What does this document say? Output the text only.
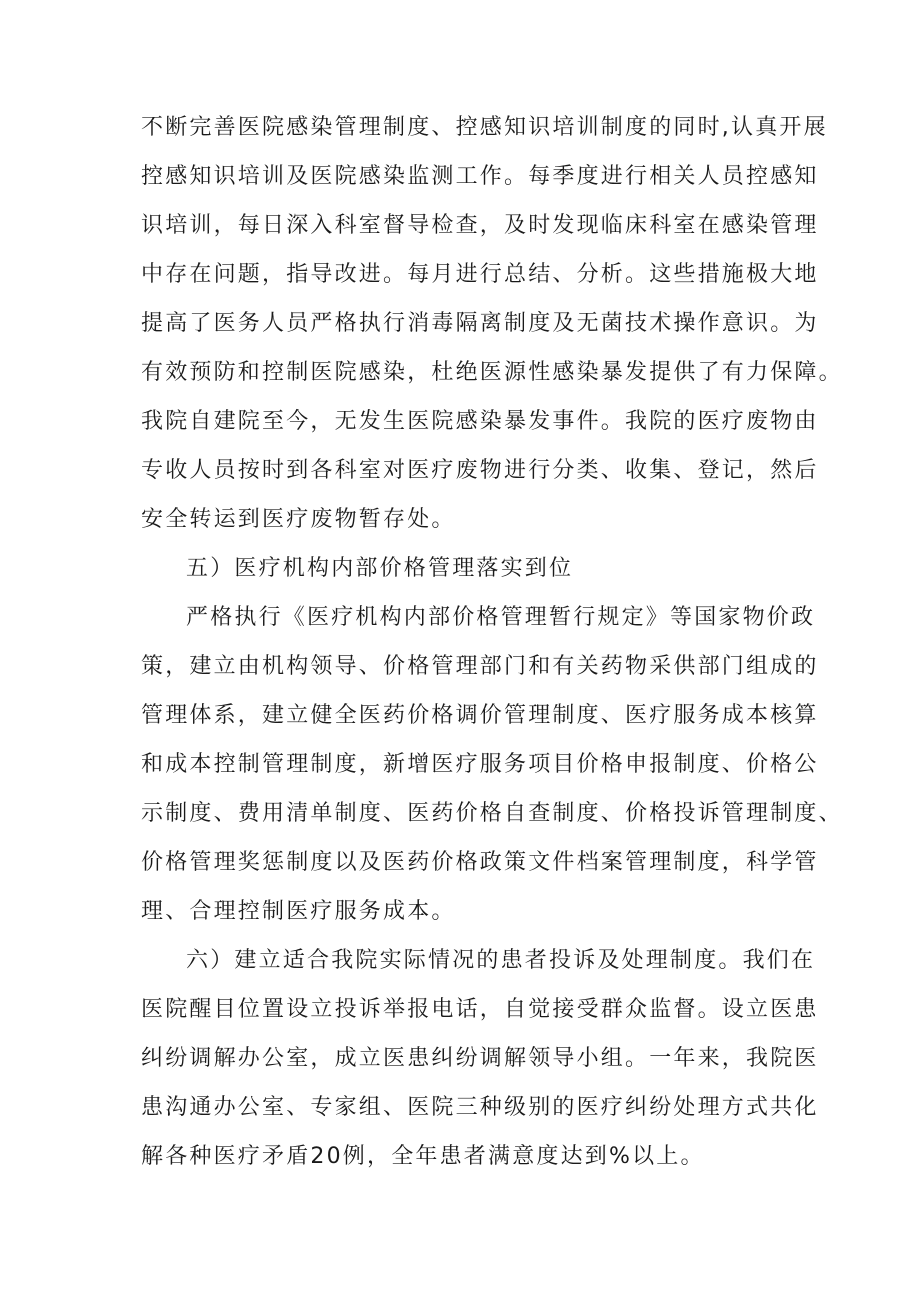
不断完善医院感染管理制度、控感知识培训制度的同时,认真开展
控感知识培训及医院感染监测工作。每季度进行相关人员控感知
识培训，每日深入科室督导检查，及时发现临床科室在感染管理
中存在问题，指导改进。每月进行总结、分析。这些措施极大地
提高了医务人员严格执行消毒隔离制度及无菌技术操作意识。为
有效预防和控制医院感染，杜绝医源性感染暴发提供了有力保障。
我院自建院至今，无发生医院感染暴发事件。我院的医疗废物由
专收人员按时到各科室对医疗废物进行分类、收集、登记，然后
安全转运到医疗废物暂存处。
五）医疗机构内部价格管理落实到位
严格执行《医疗机构内部价格管理暂行规定》等国家物价政
策，建立由机构领导、价格管理部门和有关药物采供部门组成的
管理体系，建立健全医药价格调价管理制度、医疗服务成本核算
和成本控制管理制度，新增医疗服务项目价格申报制度、价格公
示制度、费用清单制度、医药价格自查制度、价格投诉管理制度、
价格管理奖惩制度以及医药价格政策文件档案管理制度，科学管
理、合理控制医疗服务成本。
六）建立适合我院实际情况的患者投诉及处理制度。我们在
医院醒目位置设立投诉举报电话，自觉接受群众监督。设立医患
纠纷调解办公室，成立医患纠纷调解领导小组。一年来，我院医
患沟通办公室、专家组、医院三种级别的医疗纠纷处理方式共化
解各种医疗矛盾20例，全年患者满意度达到%以上。
